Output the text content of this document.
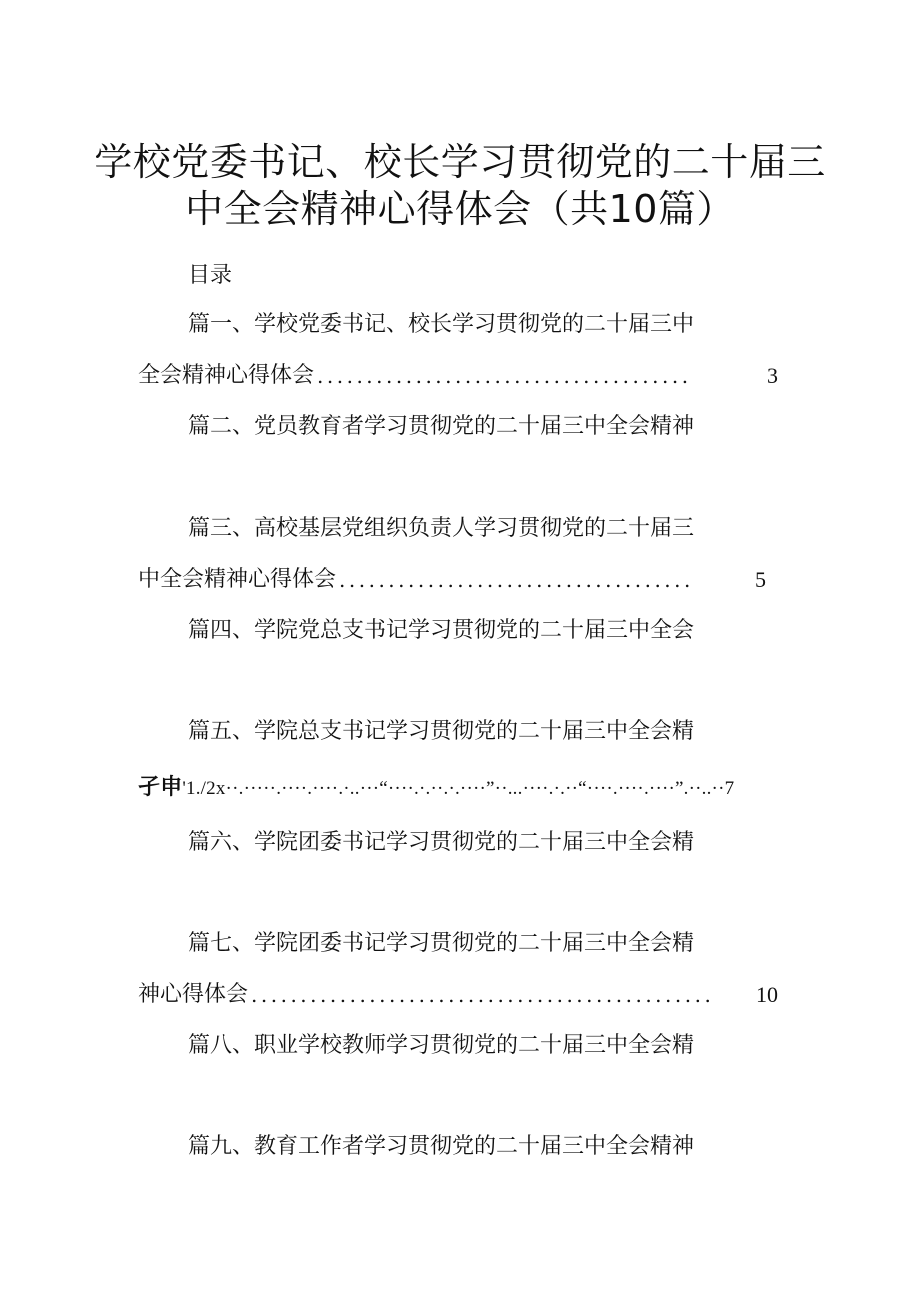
学校党委书记、校长学习贯彻党的二十届三
中全会精神心得体会（共10篇）
目录
篇一、学校党委书记、校长学习贯彻党的二十届三中
全会精神心得体会 ......................................	3
篇二、党员教育者学习贯彻党的二十届三中全会精神
篇三、高校基层党组织负责人学习贯彻党的二十届三
中全会精神心得体会 ....................................	5
篇四、学院党总支书记学习贯彻党的二十届三中全会
篇五、学院总支书记学习贯彻党的二十届三中全会精
孑申'1./2x··.·····.····.····.·..···“····.·.··.·.····”··...····.·.··“····.····.····”.··..··7
篇六、学院团委书记学习贯彻党的二十届三中全会精
篇七、学院团委书记学习贯彻党的二十届三中全会精
神心得体会 ...............................................	10
篇八、职业学校教师学习贯彻党的二十届三中全会精
篇九、教育工作者学习贯彻党的二十届三中全会精神
